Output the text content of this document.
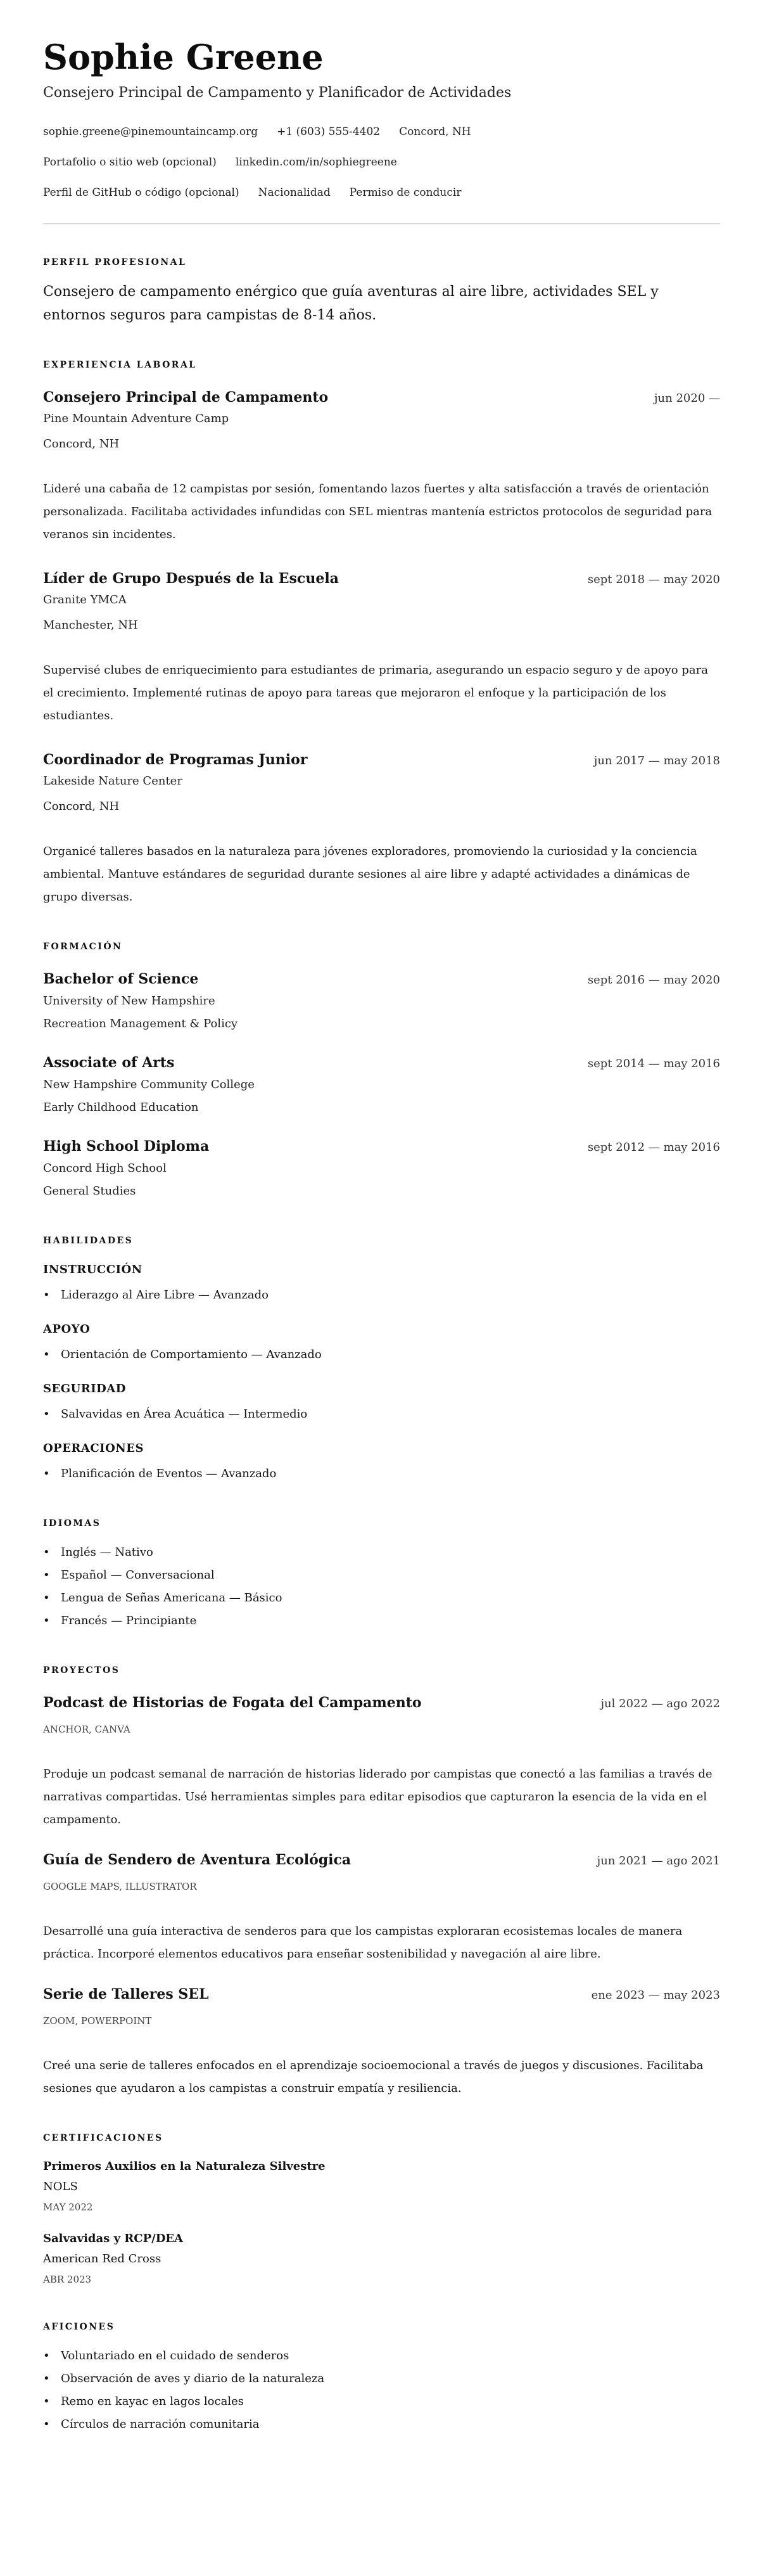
Sophie Greene
Consejero Principal de Campamento y Planificador de Actividades
sophie.greene@pinemountaincamp.org +1 (603) 555-4402 Concord, NH
Portafolio o sitio web (opcional) linkedin.com/in/sophiegreene
Perfil de GitHub o código (opcional) Nacionalidad Permiso de conducir
PERFIL PROFESIONAL

Consejero de campamento enérgico que guía aventuras al aire libre, actividades SEL y entornos seguros para campistas de 8-14 años.

EXPERIENCIA LABORAL
Consejero Principal de Campamento	jun 2020 —
Pine Mountain Adventure Camp
Concord, NH

Lideré una cabaña de 12 campistas por sesión, fomentando lazos fuertes y alta satisfacción a través de orientación personalizada. Facilitaba actividades infundidas con SEL mientras mantenía estrictos protocolos de seguridad para veranos sin incidentes.

Líder de Grupo Después de la Escuela	sept 2018 — may 2020
Granite YMCA
Manchester, NH

Supervisé clubes de enriquecimiento para estudiantes de primaria, asegurando un espacio seguro y de apoyo para el crecimiento. Implementé rutinas de apoyo para tareas que mejoraron el enfoque y la participación de los estudiantes.

Coordinador de Programas Junior	jun 2017 — may 2018
Lakeside Nature Center
Concord, NH

Organicé talleres basados en la naturaleza para jóvenes exploradores, promoviendo la curiosidad y la conciencia ambiental. Mantuve estándares de seguridad durante sesiones al aire libre y adapté actividades a dinámicas de grupo diversas.

FORMACIÓN
Bachelor of Science	sept 2016 — may 2020
University of New Hampshire
Recreation Management & Policy
Associate of Arts	sept 2014 — may 2016
New Hampshire Community College
Early Childhood Education
High School Diploma	sept 2012 — may 2016
Concord High School
General Studies
HABILIDADES
INSTRUCCIÓN
• Liderazgo al Aire Libre — Avanzado
APOYO
• Orientación de Comportamiento — Avanzado
SEGURIDAD
• Salvavidas en Área Acuática — Intermedio
OPERACIONES
• Planificación de Eventos — Avanzado
IDIOMAS
• Inglés — Nativo
• Español — Conversacional
• Lengua de Señas Americana — Básico
• Francés — Principiante
PROYECTOS
Podcast de Historias de Fogata del Campamento	jul 2022 — ago 2022
ANCHOR, CANVA

Produje un podcast semanal de narración de historias liderado por campistas que conectó a las familias a través de narrativas compartidas. Usé herramientas simples para editar episodios que capturaron la esencia de la vida en el campamento.

Guía de Sendero de Aventura Ecológica	jun 2021 — ago 2021
GOOGLE MAPS, ILLUSTRATOR

Desarrollé una guía interactiva de senderos para que los campistas exploraran ecosistemas locales de manera práctica. Incorporé elementos educativos para enseñar sostenibilidad y navegación al aire libre.

Serie de Talleres SEL	ene 2023 — may 2023
ZOOM, POWERPOINT

Creé una serie de talleres enfocados en el aprendizaje socioemocional a través de juegos y discusiones. Facilitaba sesiones que ayudaron a los campistas a construir empatía y resiliencia.

CERTIFICACIONES
Primeros Auxilios en la Naturaleza Silvestre
NOLS
MAY 2022
Salvavidas y RCP/DEA
American Red Cross
ABR 2023
AFICIONES
• Voluntariado en el cuidado de senderos
• Observación de aves y diario de la naturaleza
• Remo en kayac en lagos locales
• Círculos de narración comunitaria
